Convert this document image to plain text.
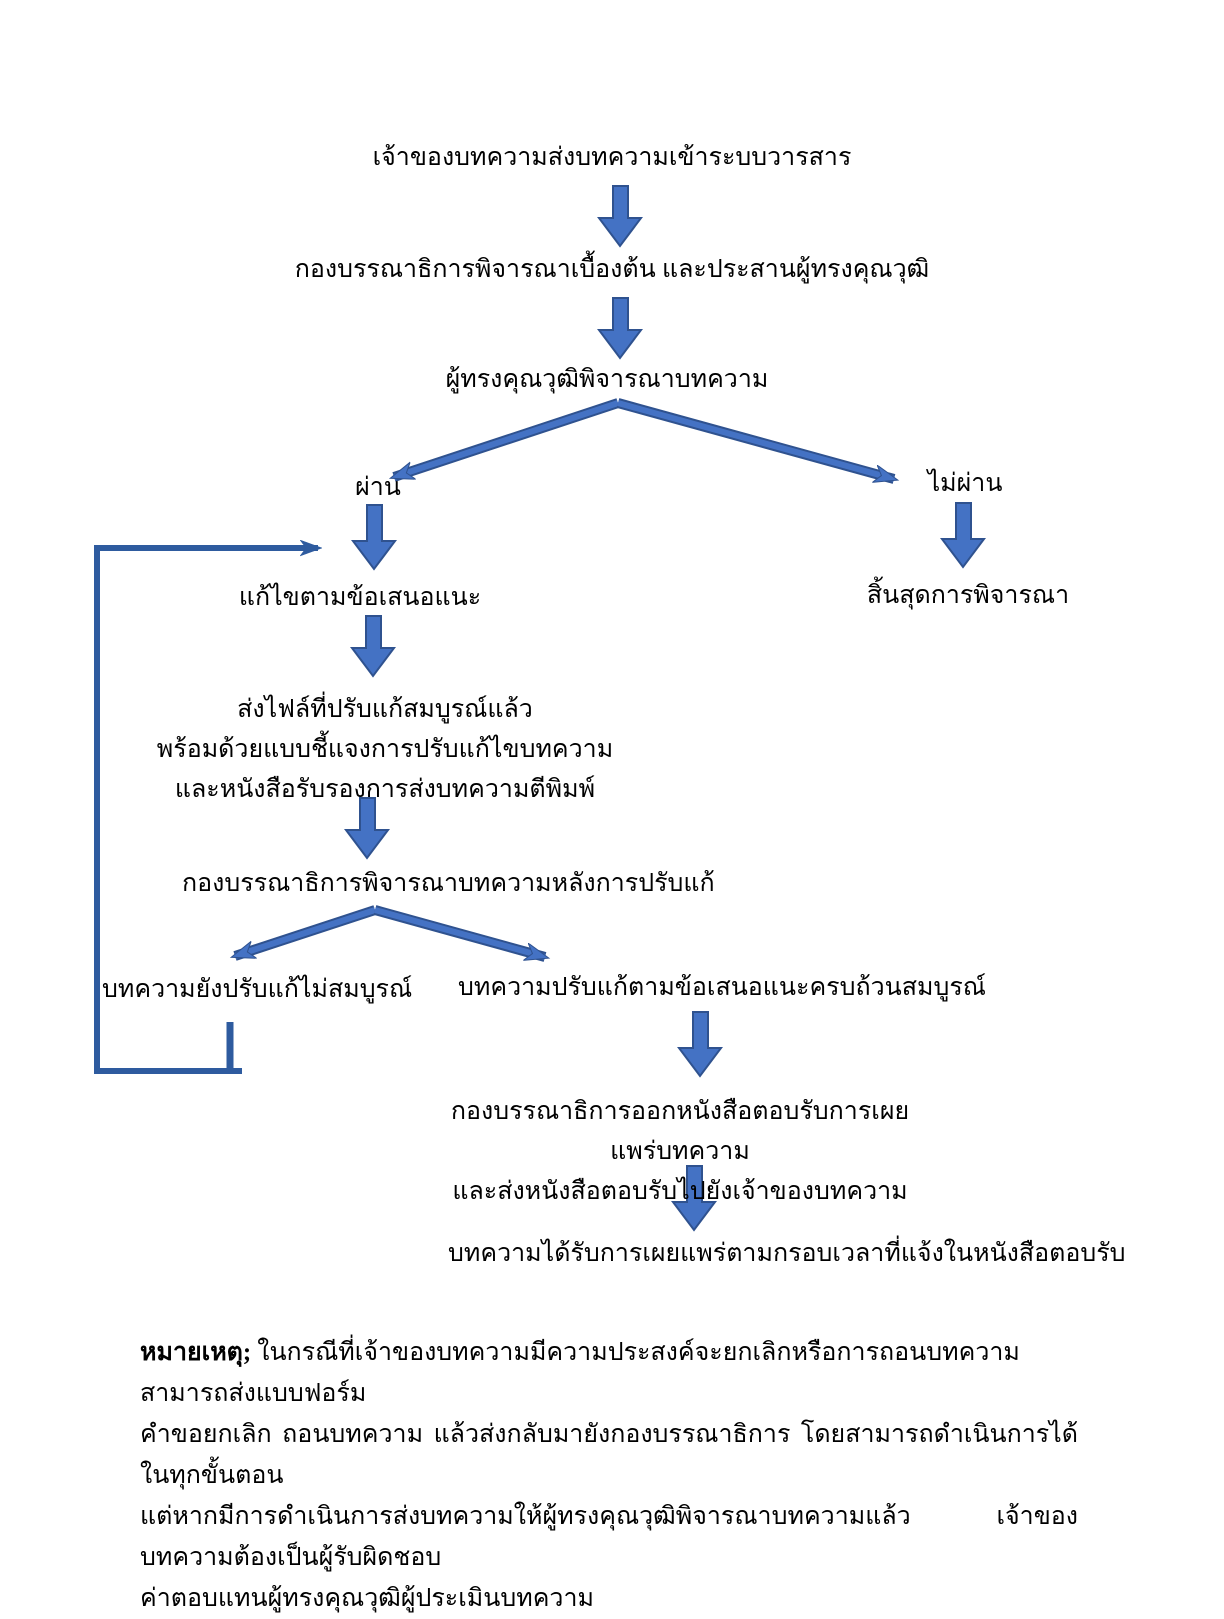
เจ้าของบทความส่งบทความเข้าระบบวารสาร
กองบรรณาธิการพิจารณาเบื้องต้น และประสานผู้ทรงคุณวุฒิ
ผู้ทรงคุณวุฒิพิจารณาบทความ
ผ่าน	ไม่ผ่าน
สิ้นสุดการพิจารณา
แก้ไขตามข้อเสนอแนะ
ส่งไฟล์ที่ปรับแก้สมบูรณ์แล้ว
พร้อมด้วยแบบชี้แจงการปรับแก้ไขบทความ
และหนังสือรับรองการส่งบทความตีพิมพ์
กองบรรณาธิการพิจารณาบทความหลังการปรับแก้
บทความยังปรับแก้ไม่สมบูรณ์ บทความปรับแก้ตามข้อเสนอแนะครบถ้วนสมบูรณ์
กองบรรณาธิการออกหนังสือตอบรับการเผยแพร่บทความ
และส่งหนังสือตอบรับไปยังเจ้าของบทความ
บทความได้รับการเผยแพร่ตามกรอบเวลาที่แจ้งในหนังสือตอบรับ
หมายเหตุ; ในกรณีที่เจ้าของบทความมีความประสงค์จะยกเลิกหรือการถอนบทความ สามารถส่งแบบฟอร์ม
คำขอยกเลิก ถอนบทความ แล้วส่งกลับมายังกองบรรณาธิการ โดยสามารถดำเนินการได้ในทุกขั้นตอน
แต่หากมีการดำเนินการส่งบทความให้ผู้ทรงคุณวุฒิพิจารณาบทความแล้ว เจ้าของบทความต้องเป็นผู้รับผิดชอบ
ค่าตอบแทนผู้ทรงคุณวุฒิผู้ประเมินบทความ
